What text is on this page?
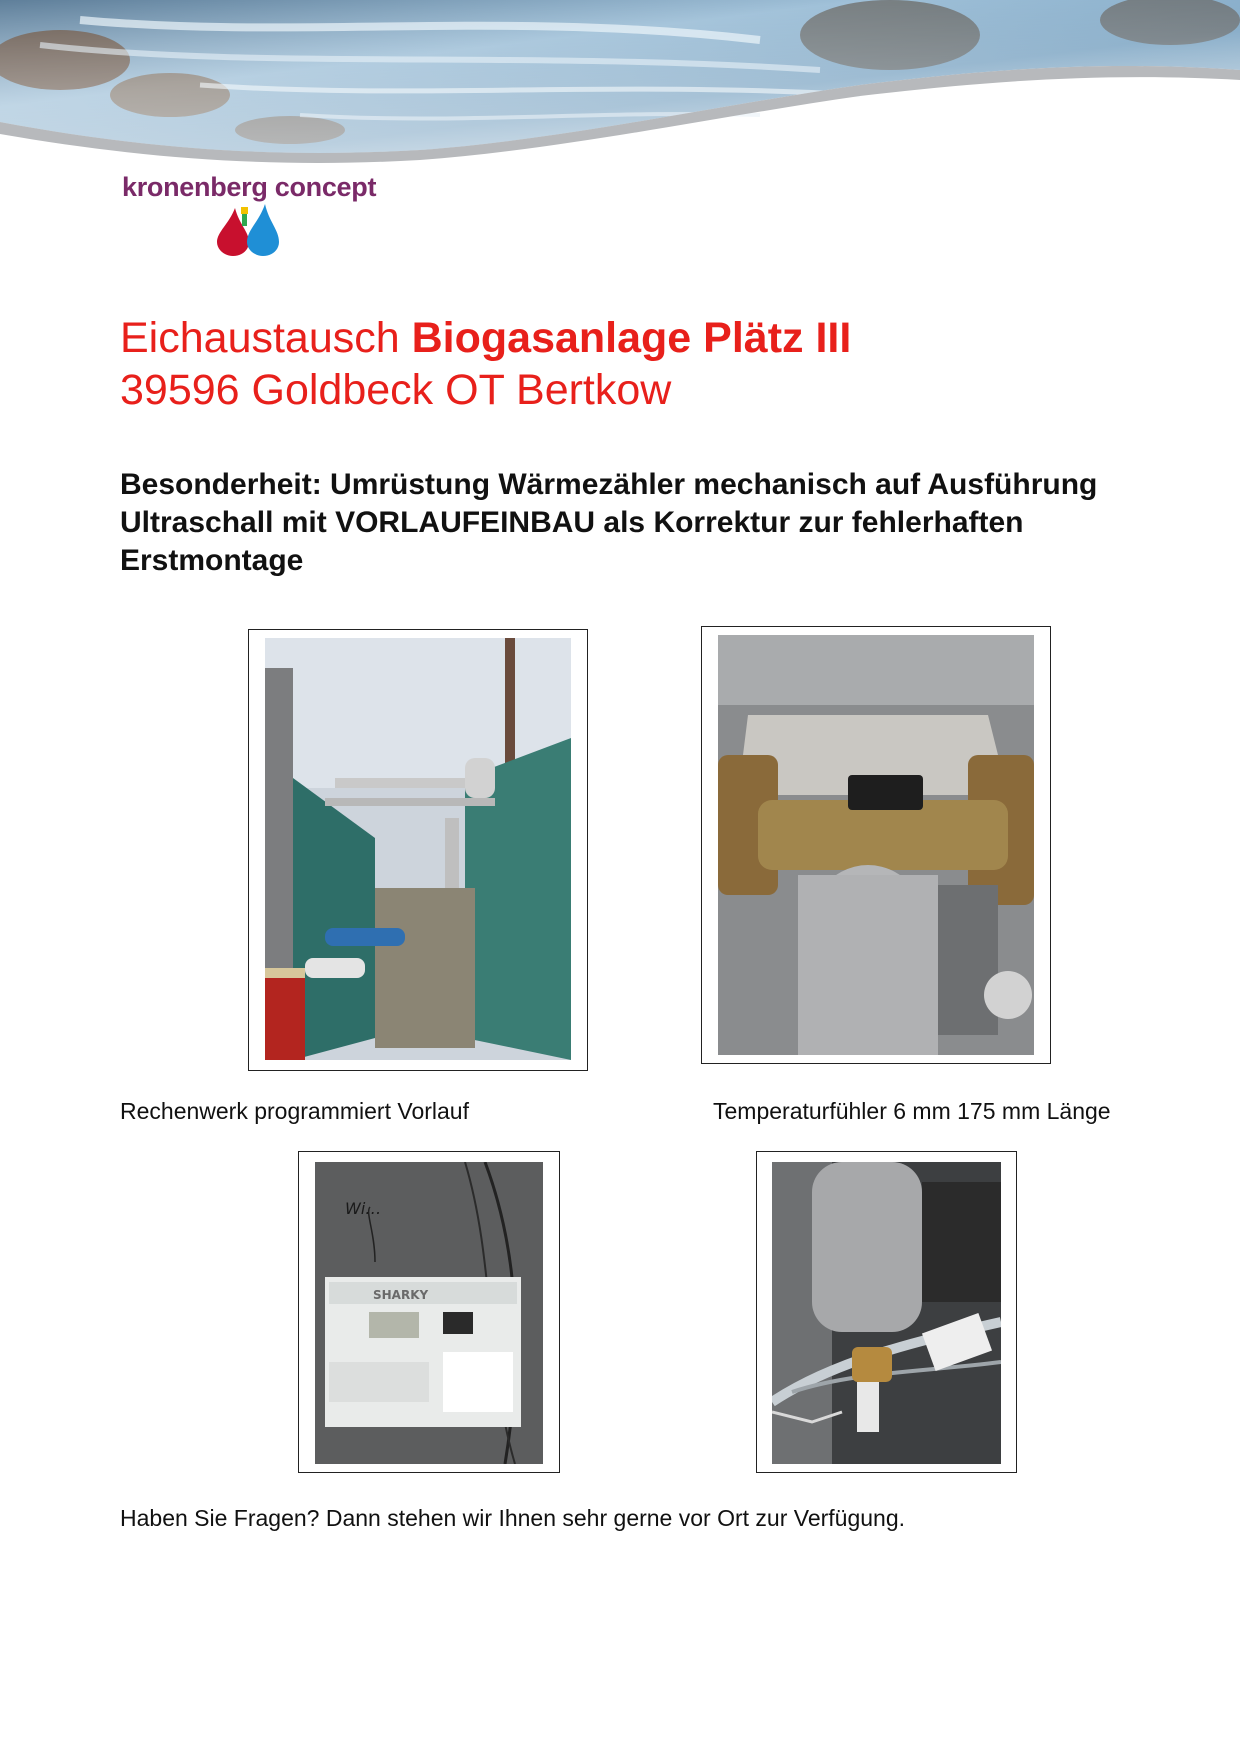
kronenberg concept
Eichaustausch Biogasanlage Plätz III
39596 Goldbeck OT Bertkow
Besonderheit: Umrüstung Wärmezähler mechanisch auf Ausführung Ultraschall mit VORLAUFEINBAU als Korrektur zur fehlerhaften Erstmontage
Rechenwerk programmiert Vorlauf	Temperaturfühler 6 mm 175 mm Länge
Wi…
SHARKY
Haben Sie Fragen? Dann stehen wir Ihnen sehr gerne vor Ort zur Verfügung.
